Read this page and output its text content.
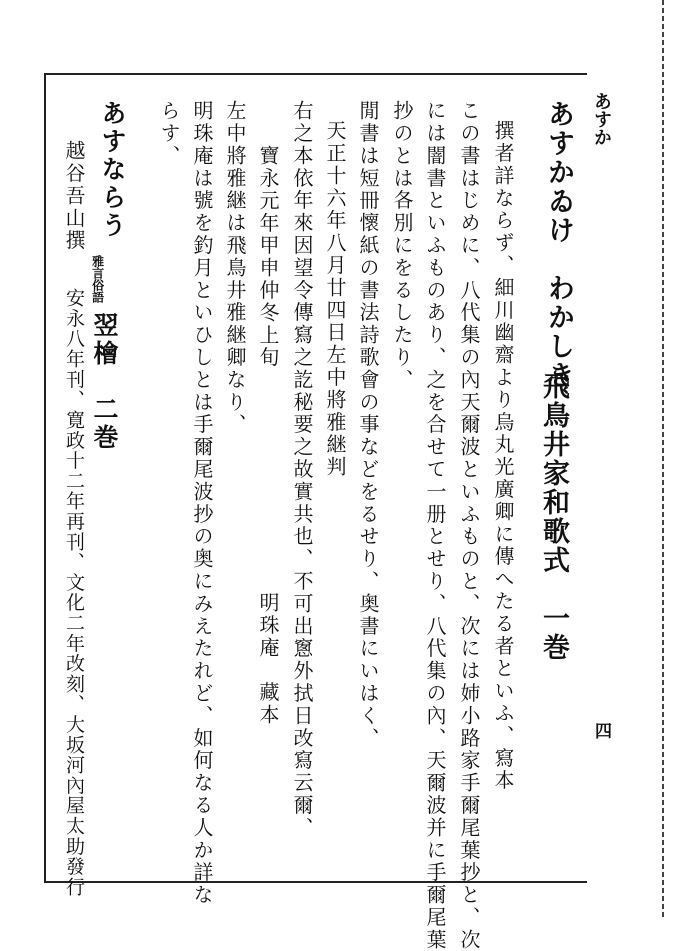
あすか
四
あすかゐけ　わかしき
飛鳥井家和歌式　一巻
撰者詳ならず、細川幽齋より烏丸光廣卿に傳へたる者といふ、寫本
この書はじめに、八代集の內天爾波といふものと、次には姉小路家手爾尾葉抄と、次
には闇書といふものあり、之を合せて一册とせり、八代集の內、天爾波并に手爾尾葉
抄のとは各別にをるしたり、
閒書は短冊懷紙の書法詩歌會の事などをるせり、奥書にいはく、
天正十六年八月廿四日左中將雅継判
右之本依年來因望令傳寫之訖秘要之故實共也、不可出窻外拭日改寫云爾、
寶永元年甲申仲冬上旬
明珠庵　藏本
左中將雅継は飛鳥井雅継卿なり、
明珠庵は號を釣月といひしとは手爾尾波抄の奥にみえたれど、如何なる人か詳な
らす、
あすならう
雅言俗語
翌檜　二巻
越谷吾山撰
安永八年刊、寛政十二年再刊、文化二年改刻、大坂河內屋太助發行
